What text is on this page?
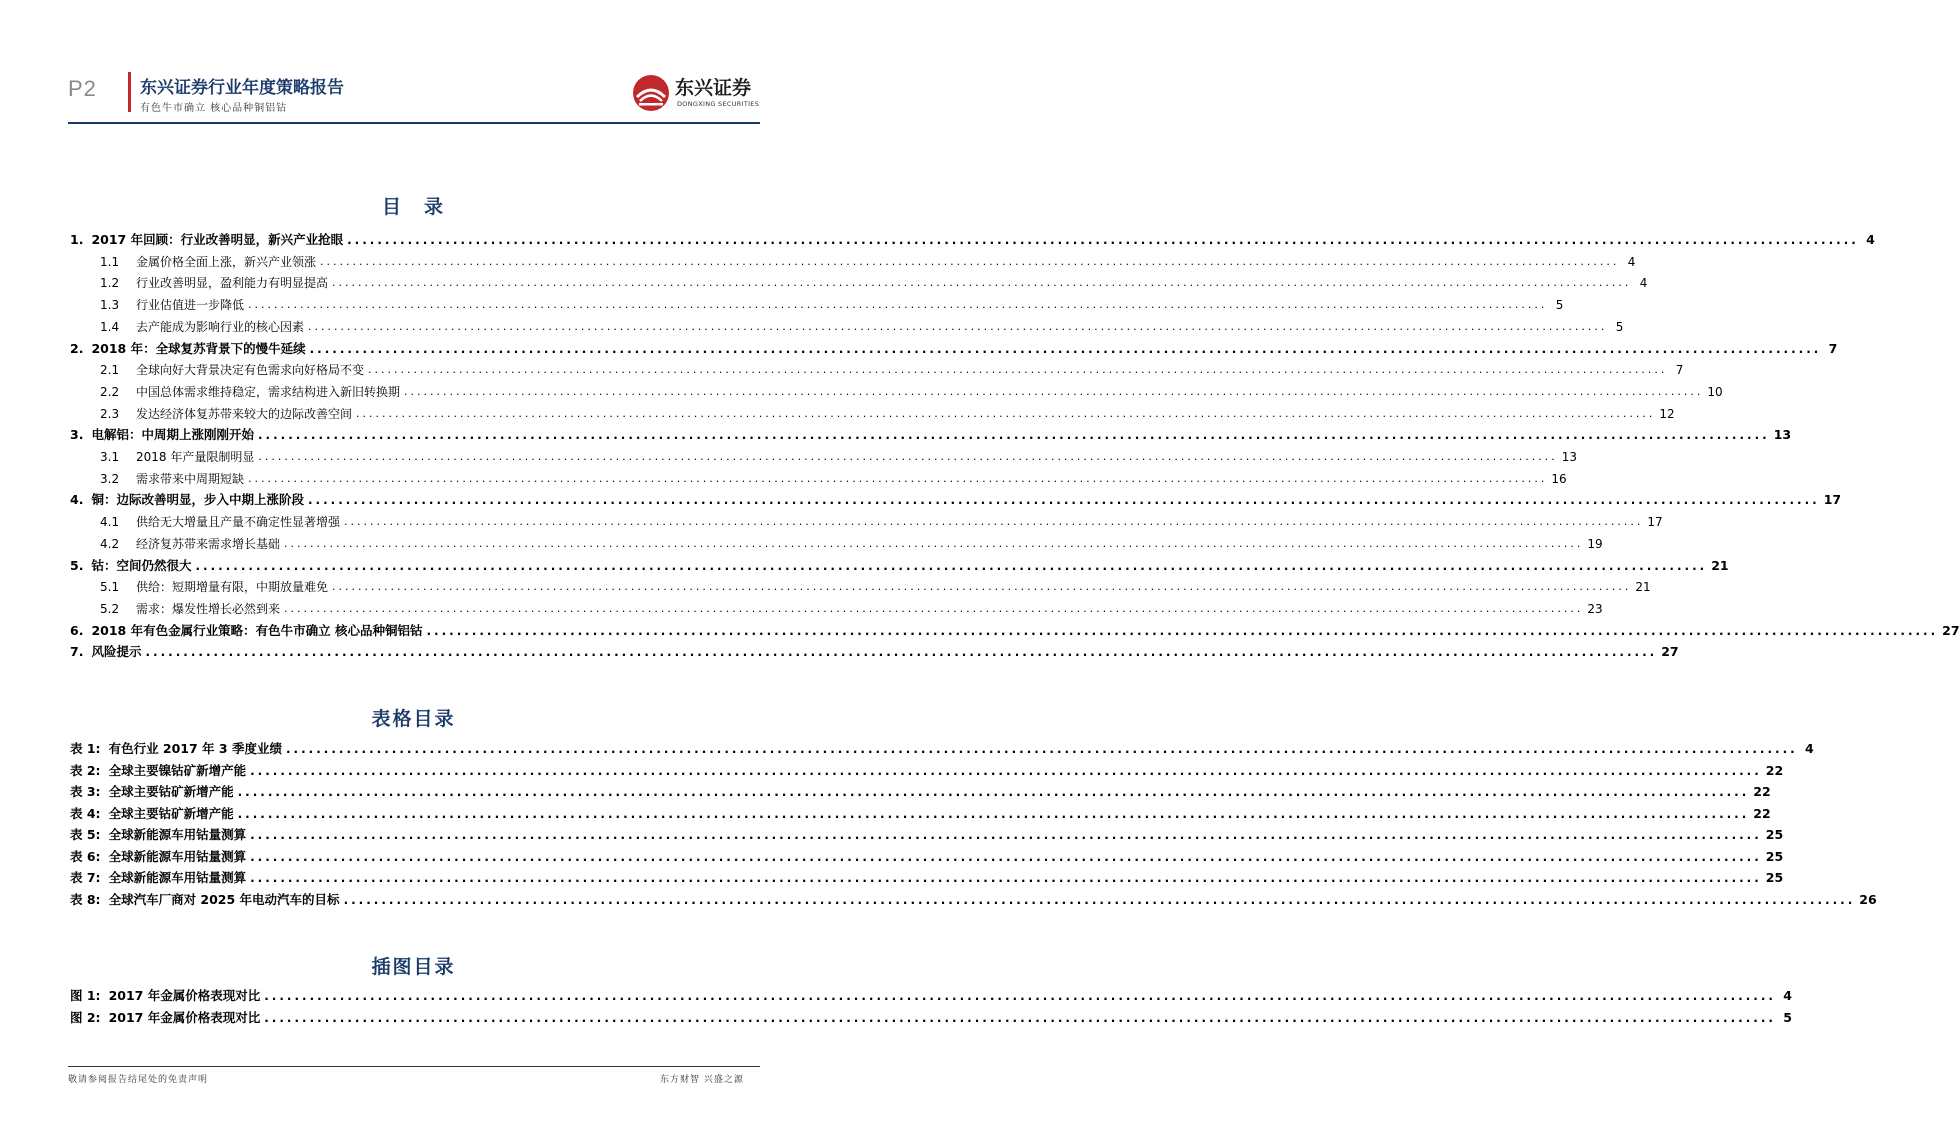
P2	东兴证券行业年度策略报告
有色牛市确立 核心品种铜铝钴
东兴证券
DONGXING SECURITIES
目　录
1. 2017 年回顾：行业改善明显，新兴产业抢眼 ........................................................................................................................................................................................................ 4
1.1	金属价格全面上涨，新兴产业领涨 ........................................................................................................................................................................................................ 4
1.2	行业改善明显，盈利能力有明显提高 ........................................................................................................................................................................................................ 4
1.3	行业估值进一步降低 ........................................................................................................................................................................................................ 5
1.4	去产能成为影响行业的核心因素 ........................................................................................................................................................................................................ 5
2. 2018 年：全球复苏背景下的慢牛延续 ........................................................................................................................................................................................................ 7
2.1	全球向好大背景决定有色需求向好格局不变 ........................................................................................................................................................................................................ 7
2.2	中国总体需求维持稳定，需求结构进入新旧转换期 ........................................................................................................................................................................................................ 10
2.3	发达经济体复苏带来较大的边际改善空间 ........................................................................................................................................................................................................ 12
3. 电解铝：中周期上涨刚刚开始 ........................................................................................................................................................................................................ 13
3.1	2018 年产量限制明显 ........................................................................................................................................................................................................ 13
3.2	需求带来中周期短缺 ........................................................................................................................................................................................................ 16
4. 铜：边际改善明显，步入中期上涨阶段 ........................................................................................................................................................................................................ 17
4.1	供给无大增量且产量不确定性显著增强 ........................................................................................................................................................................................................ 17
4.2	经济复苏带来需求增长基础 ........................................................................................................................................................................................................ 19
5. 钴：空间仍然很大 ........................................................................................................................................................................................................ 21
5.1	供给：短期增量有限，中期放量难免 ........................................................................................................................................................................................................ 21
5.2	需求：爆发性增长必然到来 ........................................................................................................................................................................................................ 23
6. 2018 年有色金属行业策略：有色牛市确立 核心品种铜铝钴 ........................................................................................................................................................................................................ 27
7. 风险提示 ........................................................................................................................................................................................................ 27
表格目录
表 1: 有色行业 2017 年 3 季度业绩 ........................................................................................................................................................................................................ 4
表 2: 全球主要镍钴矿新增产能 ........................................................................................................................................................................................................ 22
表 3: 全球主要钴矿新增产能 ........................................................................................................................................................................................................ 22
表 4: 全球主要钴矿新增产能 ........................................................................................................................................................................................................ 22
表 5: 全球新能源车用钴量测算 ........................................................................................................................................................................................................ 25
表 6: 全球新能源车用钴量测算 ........................................................................................................................................................................................................ 25
表 7: 全球新能源车用钴量测算 ........................................................................................................................................................................................................ 25
表 8: 全球汽车厂商对 2025 年电动汽车的目标 ........................................................................................................................................................................................................ 26
插图目录
图 1: 2017 年金属价格表现对比 ........................................................................................................................................................................................................ 4
图 2: 2017 年金属价格表现对比 ........................................................................................................................................................................................................ 5
敬请参阅报告结尾处的免责声明	东方财智 兴盛之源
